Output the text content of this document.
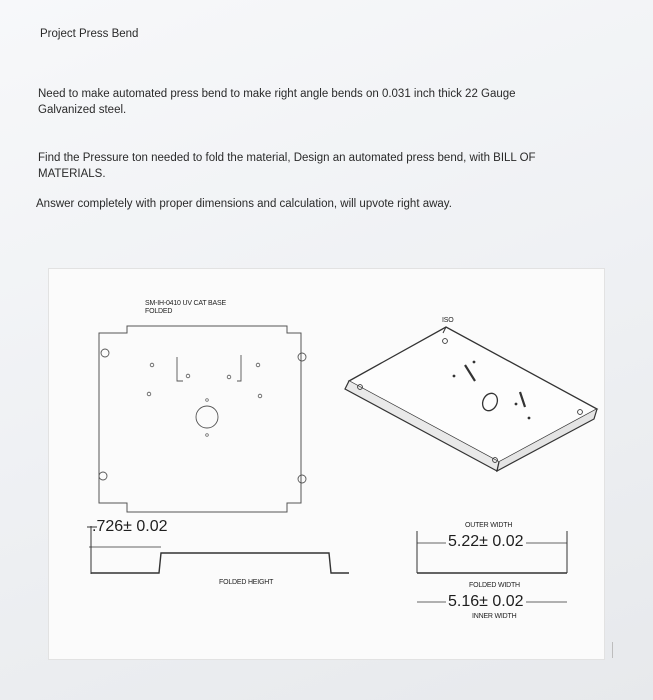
Project Press Bend
Need to make automated press bend to make right angle bends on 0.031 inch thick 22 Gauge Galvanized steel.
Find the Pressure ton needed to fold the material, Design an automated press bend, with BILL OF MATERIALS.
Answer completely with proper dimensions and calculation, will upvote right away.
SM-IH-0410 UV CAT BASE
FOLDED
ISO
.726± 0.02
FOLDED HEIGHT
OUTER WIDTH
5.22± 0.02
FOLDED WIDTH
5.16± 0.02
INNER WIDTH
